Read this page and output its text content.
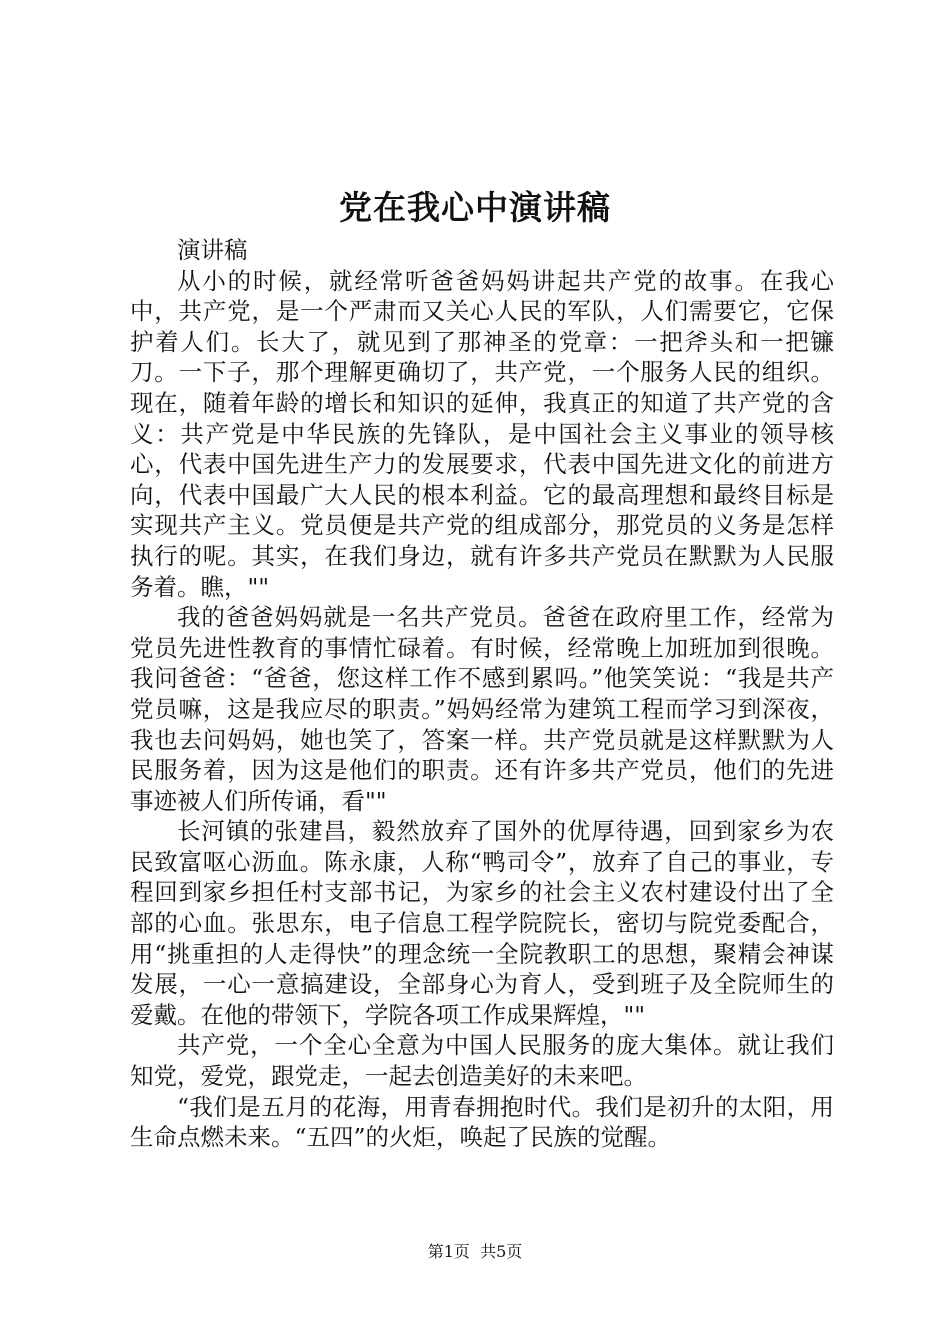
党在我心中演讲稿

演讲稿

从小的时候，就经常听爸爸妈妈讲起共产党的故事。在我心中，共产党，是一个严肃而又关心人民的军队，人们需要它，它保护着人们。长大了，就见到了那神圣的党章：一把斧头和一把镰刀。一下子，那个理解更确切了，共产党，一个服务人民的组织。现在，随着年龄的增长和知识的延伸，我真正的知道了共产党的含义：共产党是中华民族的先锋队，是中国社会主义事业的领导核心，代表中国先进生产力的发展要求，代表中国先进文化的前进方向，代表中国最广大人民的根本利益。它的最高理想和最终目标是实现共产主义。党员便是共产党的组成部分，那党员的义务是怎样执行的呢。其实，在我们身边，就有许多共产党员在默默为人民服务着。瞧，""

我的爸爸妈妈就是一名共产党员。爸爸在政府里工作，经常为党员先进性教育的事情忙碌着。有时候，经常晚上加班加到很晚。我问爸爸：“爸爸，您这样工作不感到累吗。”他笑笑说：“我是共产党员嘛，这是我应尽的职责。”妈妈经常为建筑工程而学习到深夜，我也去问妈妈，她也笑了，答案一样。共产党员就是这样默默为人民服务着，因为这是他们的职责。还有许多共产党员，他们的先进事迹被人们所传诵，看""

长河镇的张建昌，毅然放弃了国外的优厚待遇，回到家乡为农民致富呕心沥血。陈永康，人称“鸭司令”，放弃了自己的事业，专程回到家乡担任村支部书记，为家乡的社会主义农村建设付出了全部的心血。张思东，电子信息工程学院院长，密切与院党委配合，用“挑重担的人走得快”的理念统一全院教职工的思想，聚精会神谋发展，一心一意搞建设，全部身心为育人，受到班子及全院师生的爱戴。在他的带领下，学院各项工作成果辉煌，""

共产党，一个全心全意为中国人民服务的庞大集体。就让我们知党，爱党，跟党走，一起去创造美好的未来吧。

“我们是五月的花海，用青春拥抱时代。我们是初升的太阳，用生命点燃未来。“五四”的火炬，唤起了民族的觉醒。

第1页 共5页
